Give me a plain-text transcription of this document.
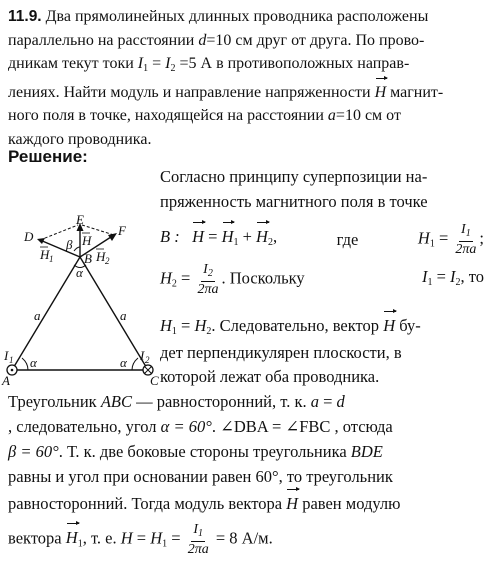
11.9. Два прямолинейных длинных проводника расположены
параллельно на расстоянии d=10 см друг от друга. По прово-
дникам текут токи $I_1 = I_2 =5$ А в противоположных направ-
лениях. Найти модуль и направление напряженности H магнит-
ного поля в точке, находящейся на расстоянии a=10 см от
каждого проводника.
Решение:
E
D	F
H
H 1	H 2
β
B
α
a	a
α	α
I 1	I 2
A	C
Согласно принципу суперпозиции на-
пряженность магнитного поля в точке
B : $H = H_1 + H_2$,	где	$H_1 = \frac{I_1}{2\pi a}$ ;
$H_2 = \frac{I_2}{2\pi a}$ . Поскольку	$I_1 = I_2$, то
$H_1 = H_2$. Следовательно, вектор H бу-
дет перпендикулярен плоскости, в
которой лежат оба проводника.
Треугольник ABC — равносторонний, т. к. a = d
, следовательно, угол α = 60°. ∠DBA = ∠FBC , отсюда
β = 60°. Т. к. две боковые стороны треугольника BDE
равны и угол при основании равен 60°, то треугольник
равносторонний. Тогда модуль вектора H равен модулю
вектора $H_1$, т. е. $H = H_1 = \frac{I_1}{2\pi a} = 8$ А/м.
